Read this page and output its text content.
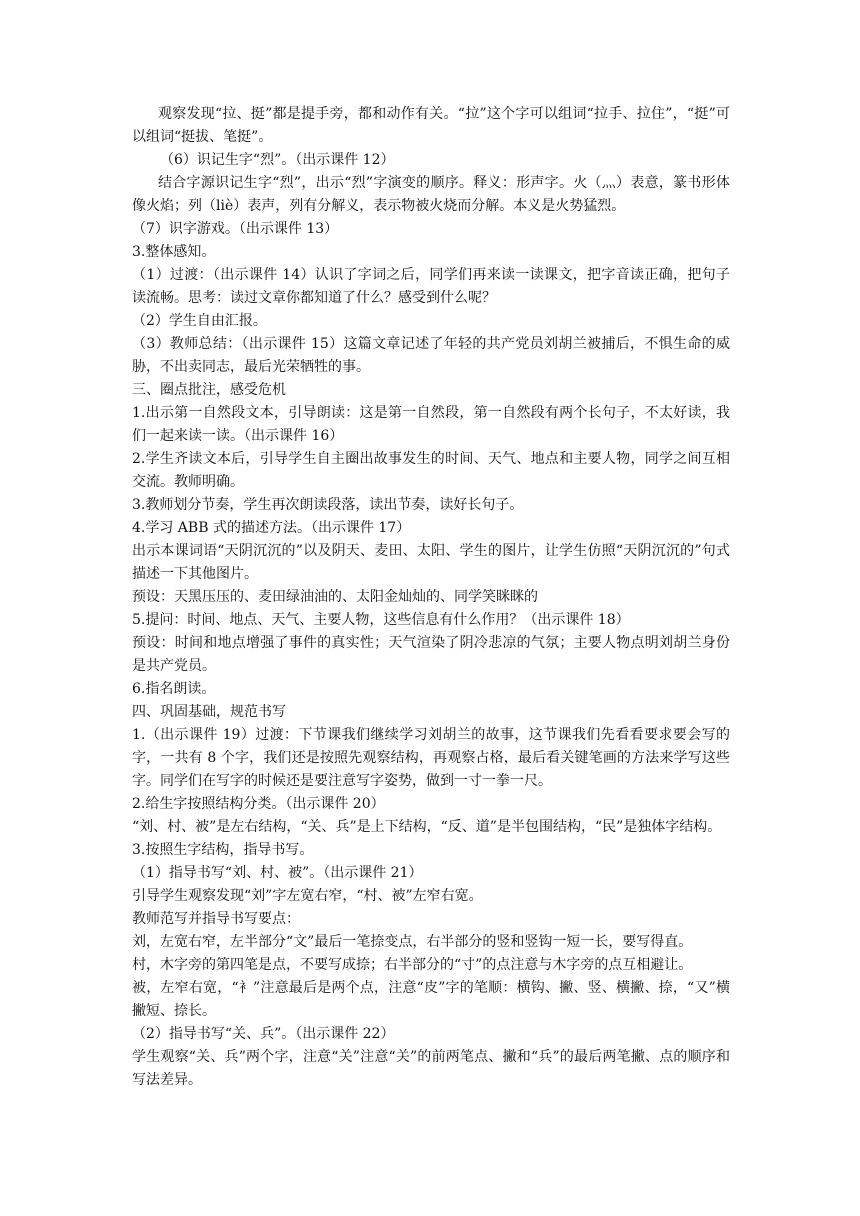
观察发现“拉、挺”都是提手旁，都和动作有关。“拉”这个字可以组词“拉手、拉住”，“挺”可以组词“挺拔、笔挺”。

（6）识记生字“烈”。（出示课件 12）

结合字源识记生字“烈”，出示“烈”字演变的顺序。释义：形声字。火（灬）表意，篆书形体像火焰；列（liè）表声，列有分解义，表示物被火烧而分解。本义是火势猛烈。

（7）识字游戏。（出示课件 13）

3.整体感知。

（1）过渡：（出示课件 14）认识了字词之后，同学们再来读一读课文，把字音读正确，把句子读流畅。思考：读过文章你都知道了什么？感受到什么呢？

（2）学生自由汇报。

（3）教师总结：（出示课件 15）这篇文章记述了年轻的共产党员刘胡兰被捕后，不惧生命的威胁，不出卖同志，最后光荣牺牲的事。

三、圈点批注，感受危机

1.出示第一自然段文本，引导朗读：这是第一自然段，第一自然段有两个长句子，不太好读，我们一起来读一读。（出示课件 16）

2.学生齐读文本后，引导学生自主圈出故事发生的时间、天气、地点和主要人物，同学之间互相交流。教师明确。

3.教师划分节奏，学生再次朗读段落，读出节奏，读好长句子。

4.学习 ABB 式的描述方法。（出示课件 17）

出示本课词语“天阴沉沉的”以及阴天、麦田、太阳、学生的图片，让学生仿照“天阴沉沉的”句式描述一下其他图片。

预设：天黑压压的、麦田绿油油的、太阳金灿灿的、同学笑眯眯的

5.提问：时间、地点、天气、主要人物，这些信息有什么作用？（出示课件 18）

预设：时间和地点增强了事件的真实性；天气渲染了阴冷悲凉的气氛；主要人物点明刘胡兰身份是共产党员。

6.指名朗读。

四、巩固基础，规范书写

1.（出示课件 19）过渡：下节课我们继续学习刘胡兰的故事，这节课我们先看看要求要会写的字，一共有 8 个字，我们还是按照先观察结构，再观察占格，最后看关键笔画的方法来学写这些字。同学们在写字的时候还是要注意写字姿势，做到一寸一拳一尺。

2.给生字按照结构分类。（出示课件 20）

“刘、村、被”是左右结构，“关、兵”是上下结构，“反、道”是半包围结构，“民”是独体字结构。

3.按照生字结构，指导书写。

（1）指导书写“刘、村、被”。（出示课件 21）

引导学生观察发现“刘”字左宽右窄，“村、被”左窄右宽。

教师范写并指导书写要点：

刘，左宽右窄，左半部分“文”最后一笔捺变点，右半部分的竖和竖钩一短一长，要写得直。

村，木字旁的第四笔是点，不要写成捺；右半部分的“寸”的点注意与木字旁的点互相避让。

被，左窄右宽，“衤”注意最后是两个点，注意“皮”字的笔顺：横钩、撇、竖、横撇、捺，“又”横撇短、捺长。

（2）指导书写“关、兵”。（出示课件 22）

学生观察“关、兵”两个字，注意“关”注意“关”的前两笔点、撇和“兵”的最后两笔撇、点的顺序和写法差异。
